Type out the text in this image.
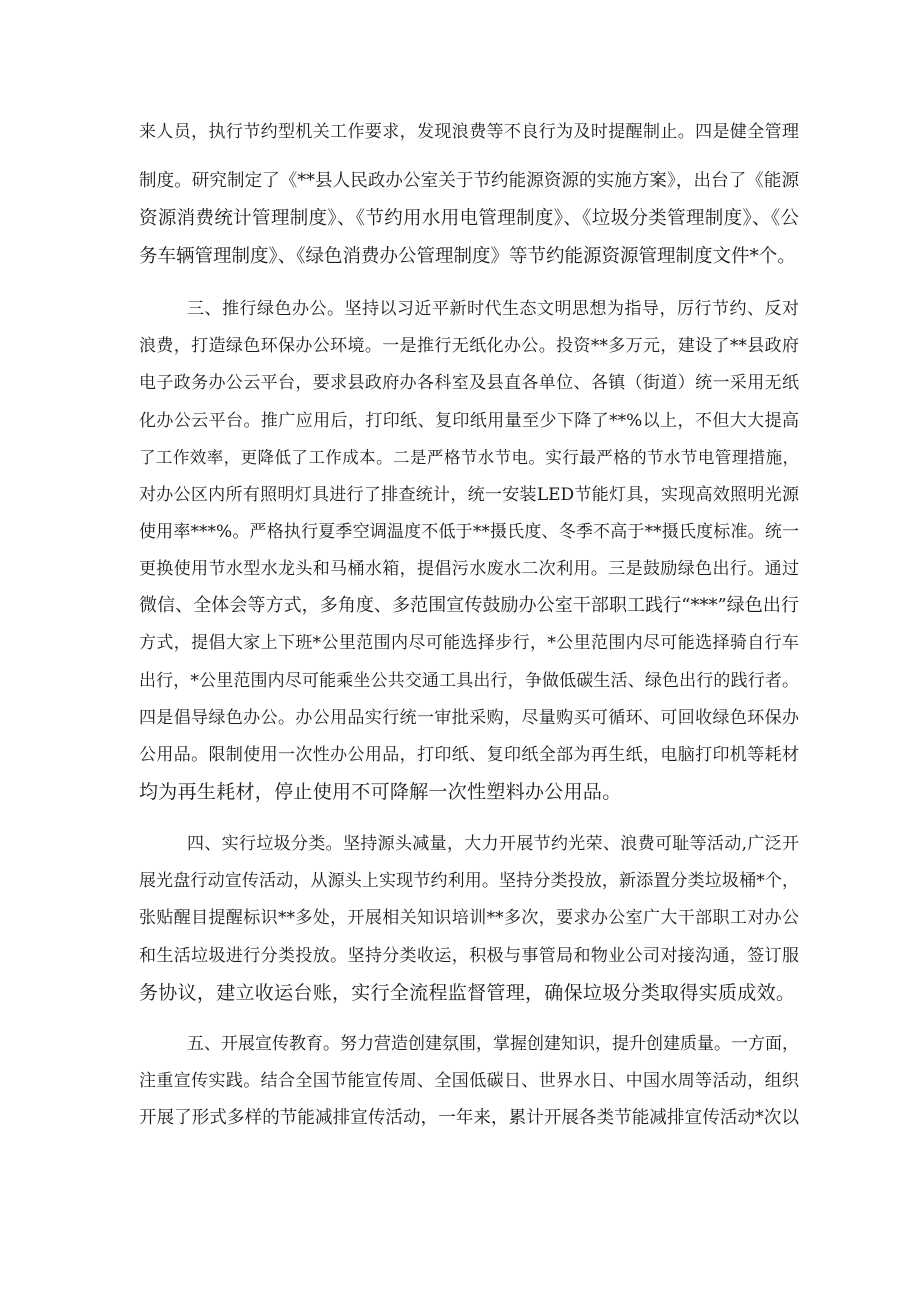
来人员，执行节约型机关工作要求，发现浪费等不良行为及时提醒制止。四是健全管理
制度。研究制定了《**县人民政办公室关于节约能源资源的实施方案》，出台了《能源
资源消费统计管理制度》、《节约用水用电管理制度》、《垃圾分类管理制度》、《公
务车辆管理制度》、《绿色消费办公管理制度》等节约能源资源管理制度文件*个。
三、推行绿色办公。坚持以习近平新时代生态文明思想为指导，厉行节约、反对
浪费，打造绿色环保办公环境。一是推行无纸化办公。投资**多万元，建设了**县政府
电子政务办公云平台，要求县政府办各科室及县直各单位、各镇（街道）统一采用无纸
化办公云平台。推广应用后，打印纸、复印纸用量至少下降了**%以上，不但大大提高
了工作效率，更降低了工作成本。二是严格节水节电。实行最严格的节水节电管理措施，
对办公区内所有照明灯具进行了排查统计，统一安装LED节能灯具，实现高效照明光源
使用率***%。严格执行夏季空调温度不低于**摄氏度、冬季不高于**摄氏度标准。统一
更换使用节水型水龙头和马桶水箱，提倡污水废水二次利用。三是鼓励绿色出行。通过
微信、全体会等方式，多角度、多范围宣传鼓励办公室干部职工践行“***”绿色出行
方式，提倡大家上下班*公里范围内尽可能选择步行，*公里范围内尽可能选择骑自行车
出行，*公里范围内尽可能乘坐公共交通工具出行，争做低碳生活、绿色出行的践行者。
四是倡导绿色办公。办公用品实行统一审批采购，尽量购买可循环、可回收绿色环保办
公用品。限制使用一次性办公用品，打印纸、复印纸全部为再生纸，电脑打印机等耗材
均为再生耗材，停止使用不可降解一次性塑料办公用品。
四、实行垃圾分类。坚持源头减量，大力开展节约光荣、浪费可耻等活动,广泛开
展光盘行动宣传活动，从源头上实现节约利用。坚持分类投放，新添置分类垃圾桶*个，
张贴醒目提醒标识**多处，开展相关知识培训**多次，要求办公室广大干部职工对办公
和生活垃圾进行分类投放。坚持分类收运，积极与事管局和物业公司对接沟通，签订服
务协议，建立收运台账，实行全流程监督管理，确保垃圾分类取得实质成效。
五、开展宣传教育。努力营造创建氛围，掌握创建知识，提升创建质量。一方面，
注重宣传实践。结合全国节能宣传周、全国低碳日、世界水日、中国水周等活动，组织
开展了形式多样的节能减排宣传活动，一年来，累计开展各类节能减排宣传活动*次以
